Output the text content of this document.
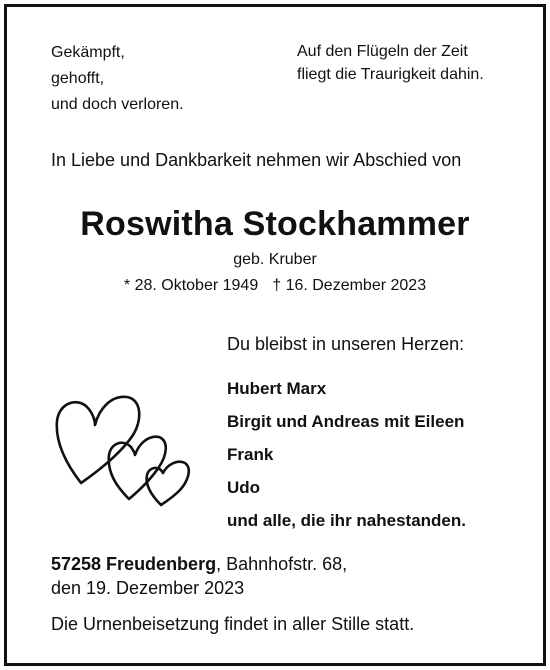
Gekämpft,
gehofft,
und doch verloren.
Auf den Flügeln der Zeit
fliegt die Traurigkeit dahin.
In Liebe und Dankbarkeit nehmen wir Abschied von
Roswitha Stockhammer
geb. Kruber
* 28. Oktober 1949 † 16. Dezember 2023
Du bleibst in unseren Herzen:
Hubert Marx
Birgit und Andreas mit Eileen
Frank
Udo
und alle, die ihr nahestanden.
57258 Freudenberg, Bahnhofstr. 68,
den 19. Dezember 2023
Die Urnenbeisetzung findet in aller Stille statt.
